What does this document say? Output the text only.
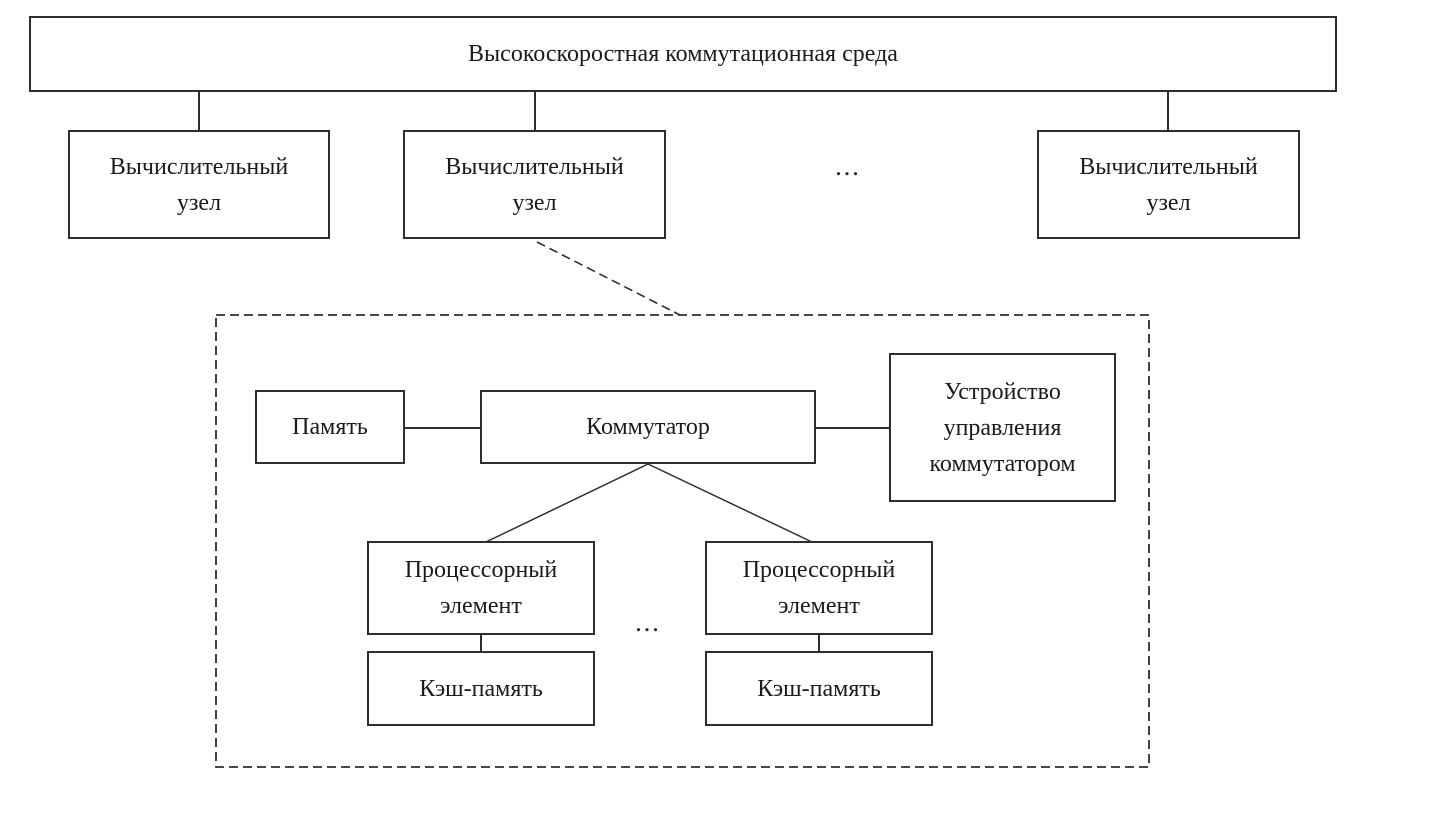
Высокоскоростная коммутационная среда
Вычислительный узел
Вычислительный узел
...	Вычислительный узел
Память	Коммутатор
Устройство управления коммутатором
Процессорный элемент
...
Процессорный элемент
Кэш-память	Кэш-память
